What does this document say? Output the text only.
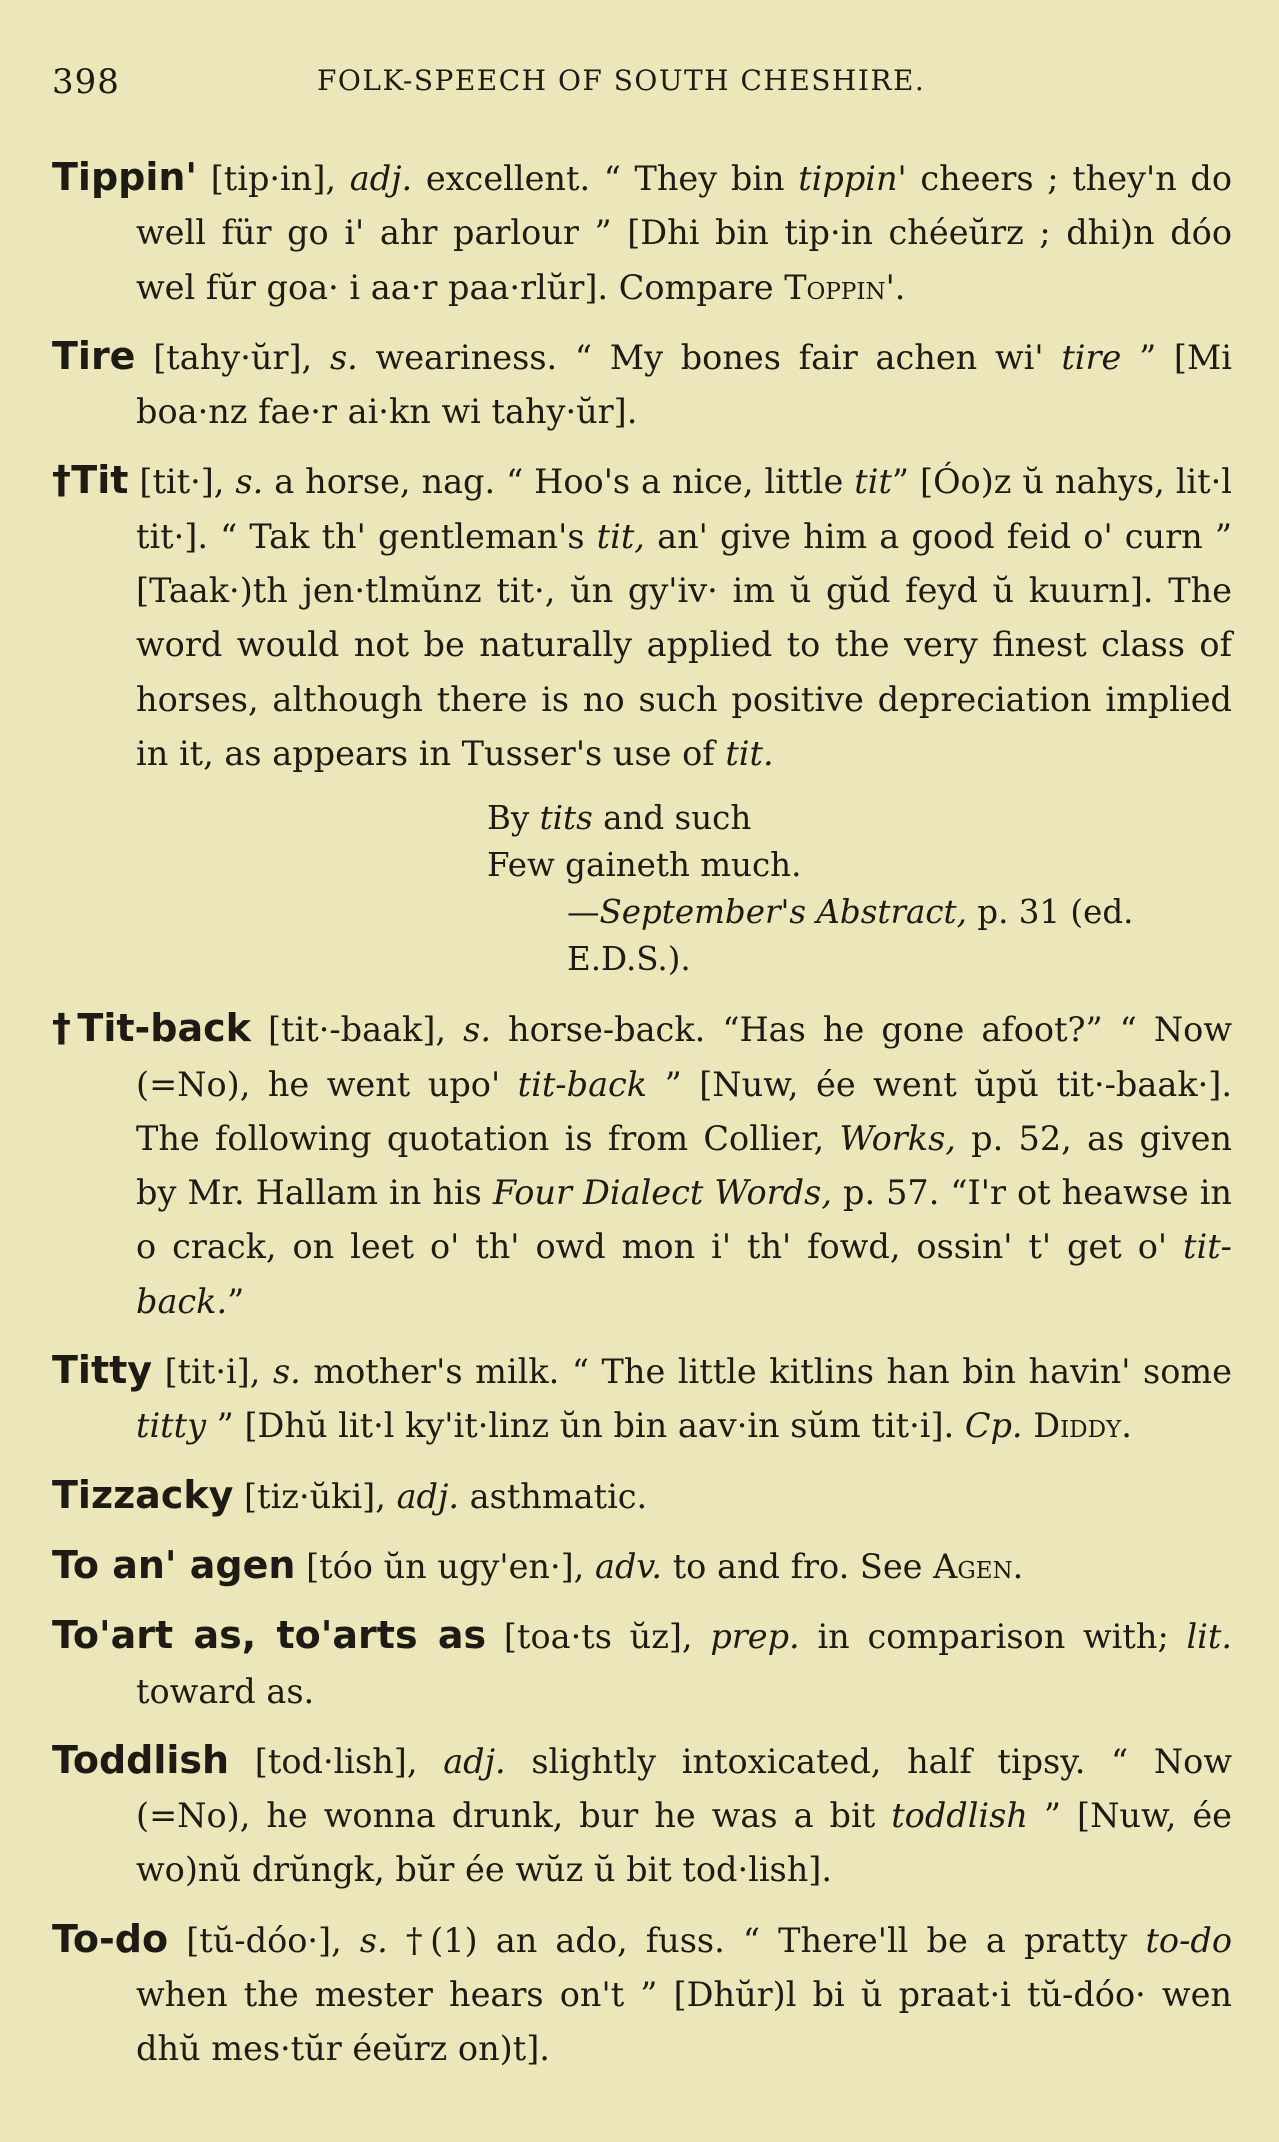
398	FOLK-SPEECH OF SOUTH CHESHIRE.

Tippin' [tip·in], adj. excellent. “ They bin tippin' cheers ; they'n do well für go i' ahr parlour ” [Dhi bin tip·in chéeŭrz ; dhi)n dóo wel fŭr goa· i aa·r paa·rlŭr]. Compare Toppin'.

Tire [tahy·ŭr], s. weariness. “ My bones fair achen wi' tire ” [Mi boa·nz fae·r ai·kn wi tahy·ŭr].

†Tit [tit·], s. a horse, nag. “ Hoo's a nice, little tit” [Óo)z ŭ nahys, lit·l tit·]. “ Tak th' gentleman's tit, an' give him a good feid o' curn ” [Taak·)th jen·tlmŭnz tit·, ŭn gy'iv· im ŭ gŭd feyd ŭ kuurn]. The word would not be naturally applied to the very finest class of horses, although there is no such positive depreciation implied in it, as appears in Tusser's use of tit.

By tits and such
Few gaineth much.
—September's Abstract, p. 31 (ed. E.D.S.).

†Tit-back [tit·-baak], s. horse-back. “Has he gone afoot?” “ Now (=No), he went upo' tit-back ” [Nuw, ée went ŭpŭ tit·-baak·]. The following quotation is from Collier, Works, p. 52, as given by Mr. Hallam in his Four Dialect Words, p. 57. “I'r ot heawse in o crack, on leet o' th' owd mon i' th' fowd, ossin' t' get o' tit-back.”

Titty [tit·i], s. mother's milk. “ The little kitlins han bin havin' some titty ” [Dhŭ lit·l ky'it·linz ŭn bin aav·in sŭm tit·i]. Cp. Diddy.

Tizzacky [tiz·ŭki], adj. asthmatic.

To an' agen [tóo ŭn ugy'en·], adv. to and fro. See Agen.

To'art as, to'arts as [toa·ts ŭz], prep. in comparison with; lit. toward as.

Toddlish [tod·lish], adj. slightly intoxicated, half tipsy. “ Now (=No), he wonna drunk, bur he was a bit toddlish ” [Nuw, ée wo)nŭ drŭngk, bŭr ée wŭz ŭ bit tod·lish].

To-do [tŭ-dóo·], s. †(1) an ado, fuss. “ There'll be a pratty to-do when the mester hears on't ” [Dhŭr)l bi ŭ praat·i tŭ-dóo· wen dhŭ mes·tŭr éeŭrz on)t].
